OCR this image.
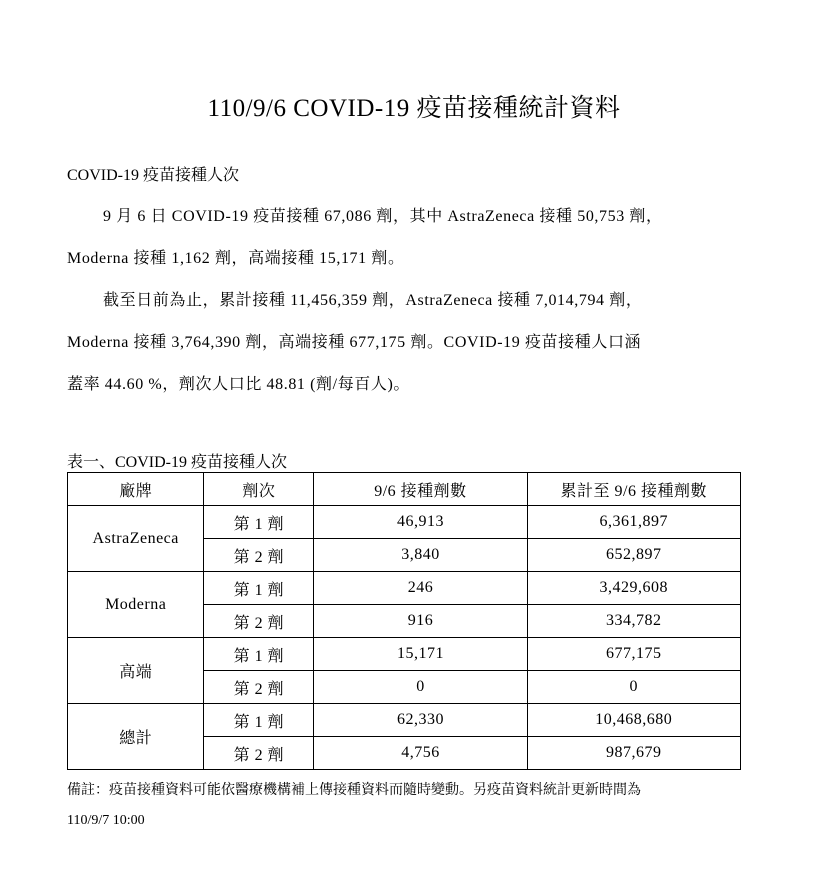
110/9/6 COVID-19 疫苗接種統計資料
COVID-19 疫苗接種人次
9 月 6 日 COVID-19 疫苗接種 67,086 劑，其中 AstraZeneca 接種 50,753 劑，
Moderna 接種 1,162 劑，高端接種 15,171 劑。
截至日前為止，累計接種 11,456,359 劑，AstraZeneca 接種 7,014,794 劑，
Moderna 接種 3,764,390 劑，高端接種 677,175 劑。COVID-19 疫苗接種人口涵
蓋率 44.60 %，劑次人口比 48.81 (劑/每百人)。
表一、COVID-19 疫苗接種人次
廠牌	劑次	9/6 接種劑數	累計至 9/6 接種劑數
AstraZeneca	第 1 劑	46,913	6,361,897
	第 2 劑	3,840	652,897
Moderna	第 1 劑	246	3,429,608
	第 2 劑	916	334,782
高端	第 1 劑	15,171	677,175
	第 2 劑	0	0
總計	第 1 劑	62,330	10,468,680
	第 2 劑	4,756	987,679
備註：疫苗接種資料可能依醫療機構補上傳接種資料而隨時變動。另疫苗資料統計更新時間為
110/9/7 10:00
